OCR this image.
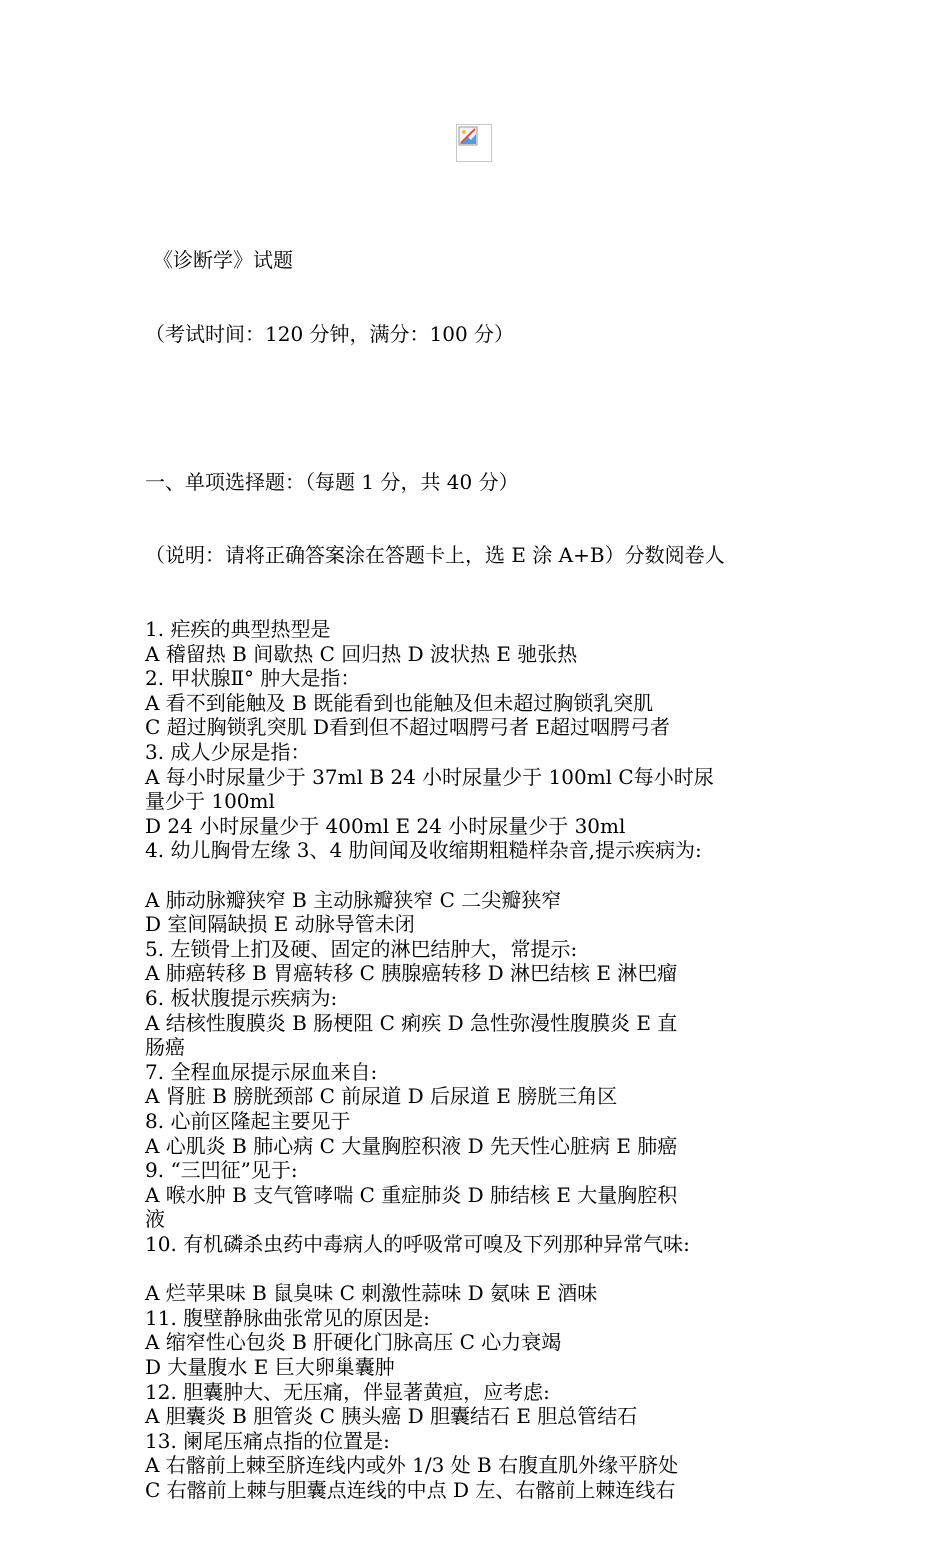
《诊断学》试题

（考试时间：120 分钟，满分：100 分）

一、单项选择题：（每题 1 分，共 40 分）

（说明：请将正确答案涂在答题卡上，选 E 涂 A+B）分数阅卷人

1. 疟疾的典型热型是
A 稽留热 B 间歇热 C 回归热 D 波状热 E 驰张热
2. 甲状腺Ⅱ° 肿大是指：
A 看不到能触及 B 既能看到也能触及但未超过胸锁乳突肌
C 超过胸锁乳突肌 D看到但不超过咽腭弓者 E超过咽腭弓者
3. 成人少尿是指：
A 每小时尿量少于 37ml B 24 小时尿量少于 100ml C每小时尿
量少于 100ml
D 24 小时尿量少于 400ml E 24 小时尿量少于 30ml
4. 幼儿胸骨左缘 3、4 肋间闻及收缩期粗糙样杂音,提示疾病为:
A 肺动脉瓣狭窄 B 主动脉瓣狭窄 C 二尖瓣狭窄
D 室间隔缺损 E 动脉导管未闭
5. 左锁骨上扪及硬、固定的淋巴结肿大，常提示:
A 肺癌转移 B 胃癌转移 C 胰腺癌转移 D 淋巴结核 E 淋巴瘤
6. 板状腹提示疾病为:
A 结核性腹膜炎 B 肠梗阻 C 痢疾 D 急性弥漫性腹膜炎 E 直
肠癌
7. 全程血尿提示尿血来自:
A 肾脏 B 膀胱颈部 C 前尿道 D 后尿道 E 膀胱三角区
8. 心前区隆起主要见于
A 心肌炎 B 肺心病 C 大量胸腔积液 D 先天性心脏病 E 肺癌
9. “三凹征”见于:
A 喉水肿 B 支气管哮喘 C 重症肺炎 D 肺结核 E 大量胸腔积
液
10. 有机磷杀虫药中毒病人的呼吸常可嗅及下列那种异常气味:
A 烂苹果味 B 鼠臭味 C 刺激性蒜味 D 氨味 E 酒味
11. 腹壁静脉曲张常见的原因是:
A 缩窄性心包炎 B 肝硬化门脉高压 C 心力衰竭
D 大量腹水 E 巨大卵巢囊肿
12. 胆囊肿大、无压痛，伴显著黄疸，应考虑:
A 胆囊炎 B 胆管炎 C 胰头癌 D 胆囊结石 E 胆总管结石
13. 阑尾压痛点指的位置是:
A 右髂前上棘至脐连线内或外 1/3 处 B 右腹直肌外缘平脐处
C 右髂前上棘与胆囊点连线的中点 D 左、右髂前上棘连线右
